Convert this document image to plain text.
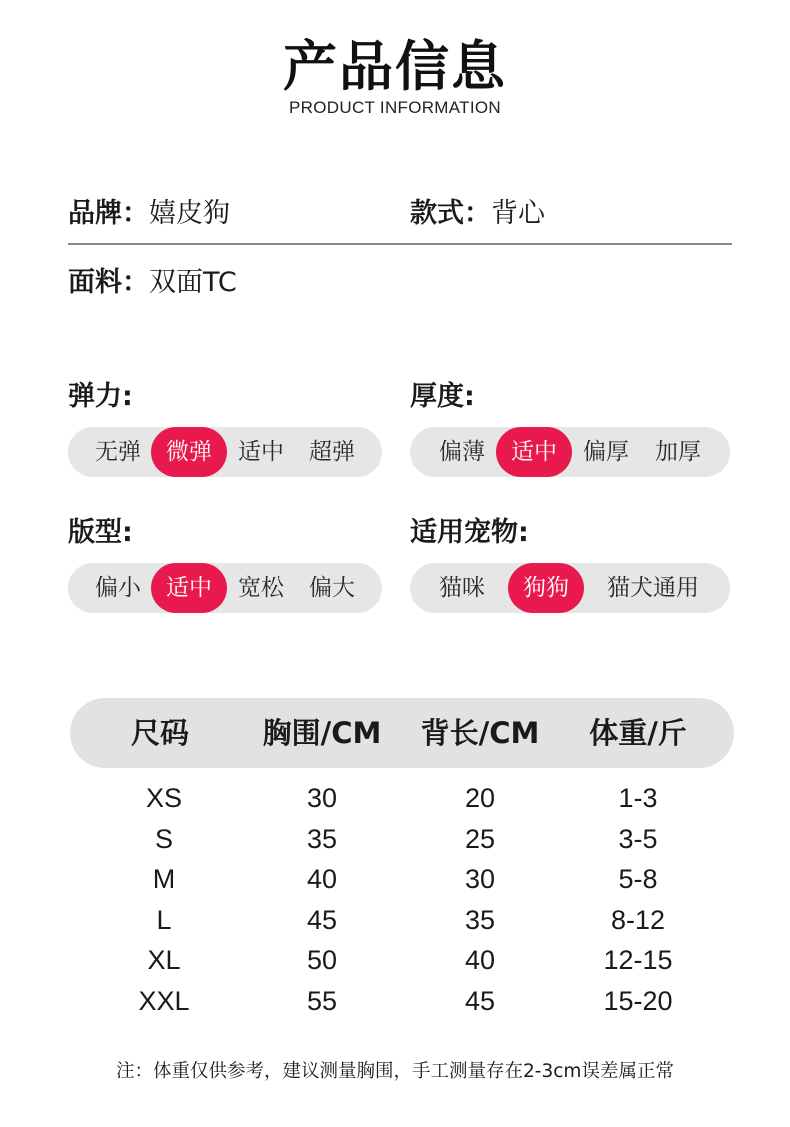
产品信息
PRODUCT INFORMATION
品牌：嬉皮狗	款式：背心
面料：双面TC
弹力:
无弹	微弹	适中	超弹
厚度:
偏薄	适中	偏厚	加厚
版型:
偏小	适中	宽松	偏大
适用宠物:
猫咪	狗狗	猫犬通用
尺码	胸围/CM	背长/CM	体重/斤
XS	30	20	1-3
S	35	25	3-5
M	40	30	5-8
L	45	35	8-12
XL	50	40	12-15
XXL	55	45	15-20
注：体重仅供参考，建议测量胸围，手工测量存在2-3cm误差属正常
